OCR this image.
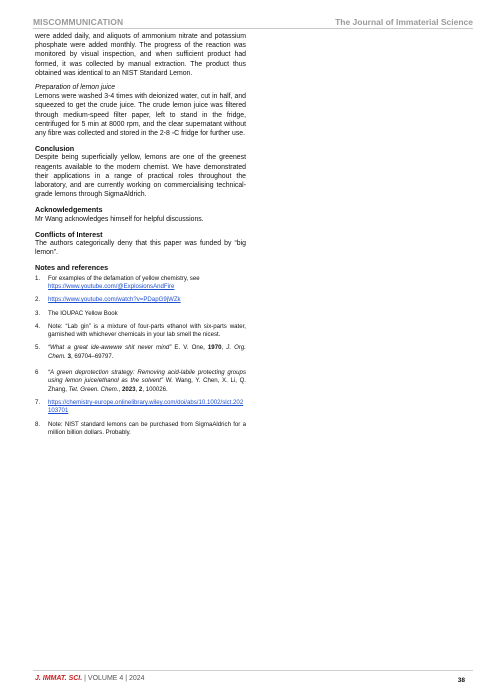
MISCOMMUNICATION	The Journal of Immaterial Science

were added daily, and aliquots of ammonium nitrate and potassium phosphate were added monthly. The progress of the reaction was monitored by visual inspection, and when sufficient product had formed, it was collected by manual extraction. The product thus obtained was identical to an NIST Standard Lemon.

Preparation of lemon juice

Lemons were washed 3-4 times with deionized water, cut in half, and squeezed to get the crude juice. The crude lemon juice was filtered through medium-speed filter paper, left to stand in the fridge, centrifuged for 5 min at 8000 rpm, and the clear supernatant without any fibre was collected and stored in the 2-8 ◦C fridge for further use.

Conclusion

Despite being superficially yellow, lemons are one of the greenest reagents available to the modern chemist. We have demonstrated their applications in a range of practical roles throughout the laboratory, and are currently working on commercialising technical-grade lemons through SigmaAldrich.

Acknowledgements

Mr Wang acknowledges himself for helpful discussions.

Conflicts of Interest

The authors categorically deny that this paper was funded by “big lemon”.

Notes and references

1. For examples of the defamation of yellow chemistry, see
https://www.youtube.com/@ExplosionsAndFire
2. https://www.youtube.com/watch?v=PDapG9jWZk
3. The IOUPAC Yellow Book
4. Note: “Lab gin” is a mixture of four-parts ethanol with six-parts water, garnished with whichever chemicals in your lab smell the nicest.
5. “What a great ide-awwww shit never mind” E. V. One, 1970, J. Org. Chem. 3, 69704–69797.
6 “A green deprotection strategy: Removing acid-labile protecting groups using lemon juice/ethanol as the solvent” W. Wang, Y. Chen, X. Li, Q. Zhang, Tet. Green. Chem., 2023, 2, 100026.
7. https://chemistry-europe.onlinelibrary.wiley.com/doi/abs/10.1002/slct.202103701
8. Note: NIST standard lemons can be purchased from SigmaAldrich for a million billion dollars. Probably.
J. IMMAT. SCI. | VOLUME 4 | 2024	38
